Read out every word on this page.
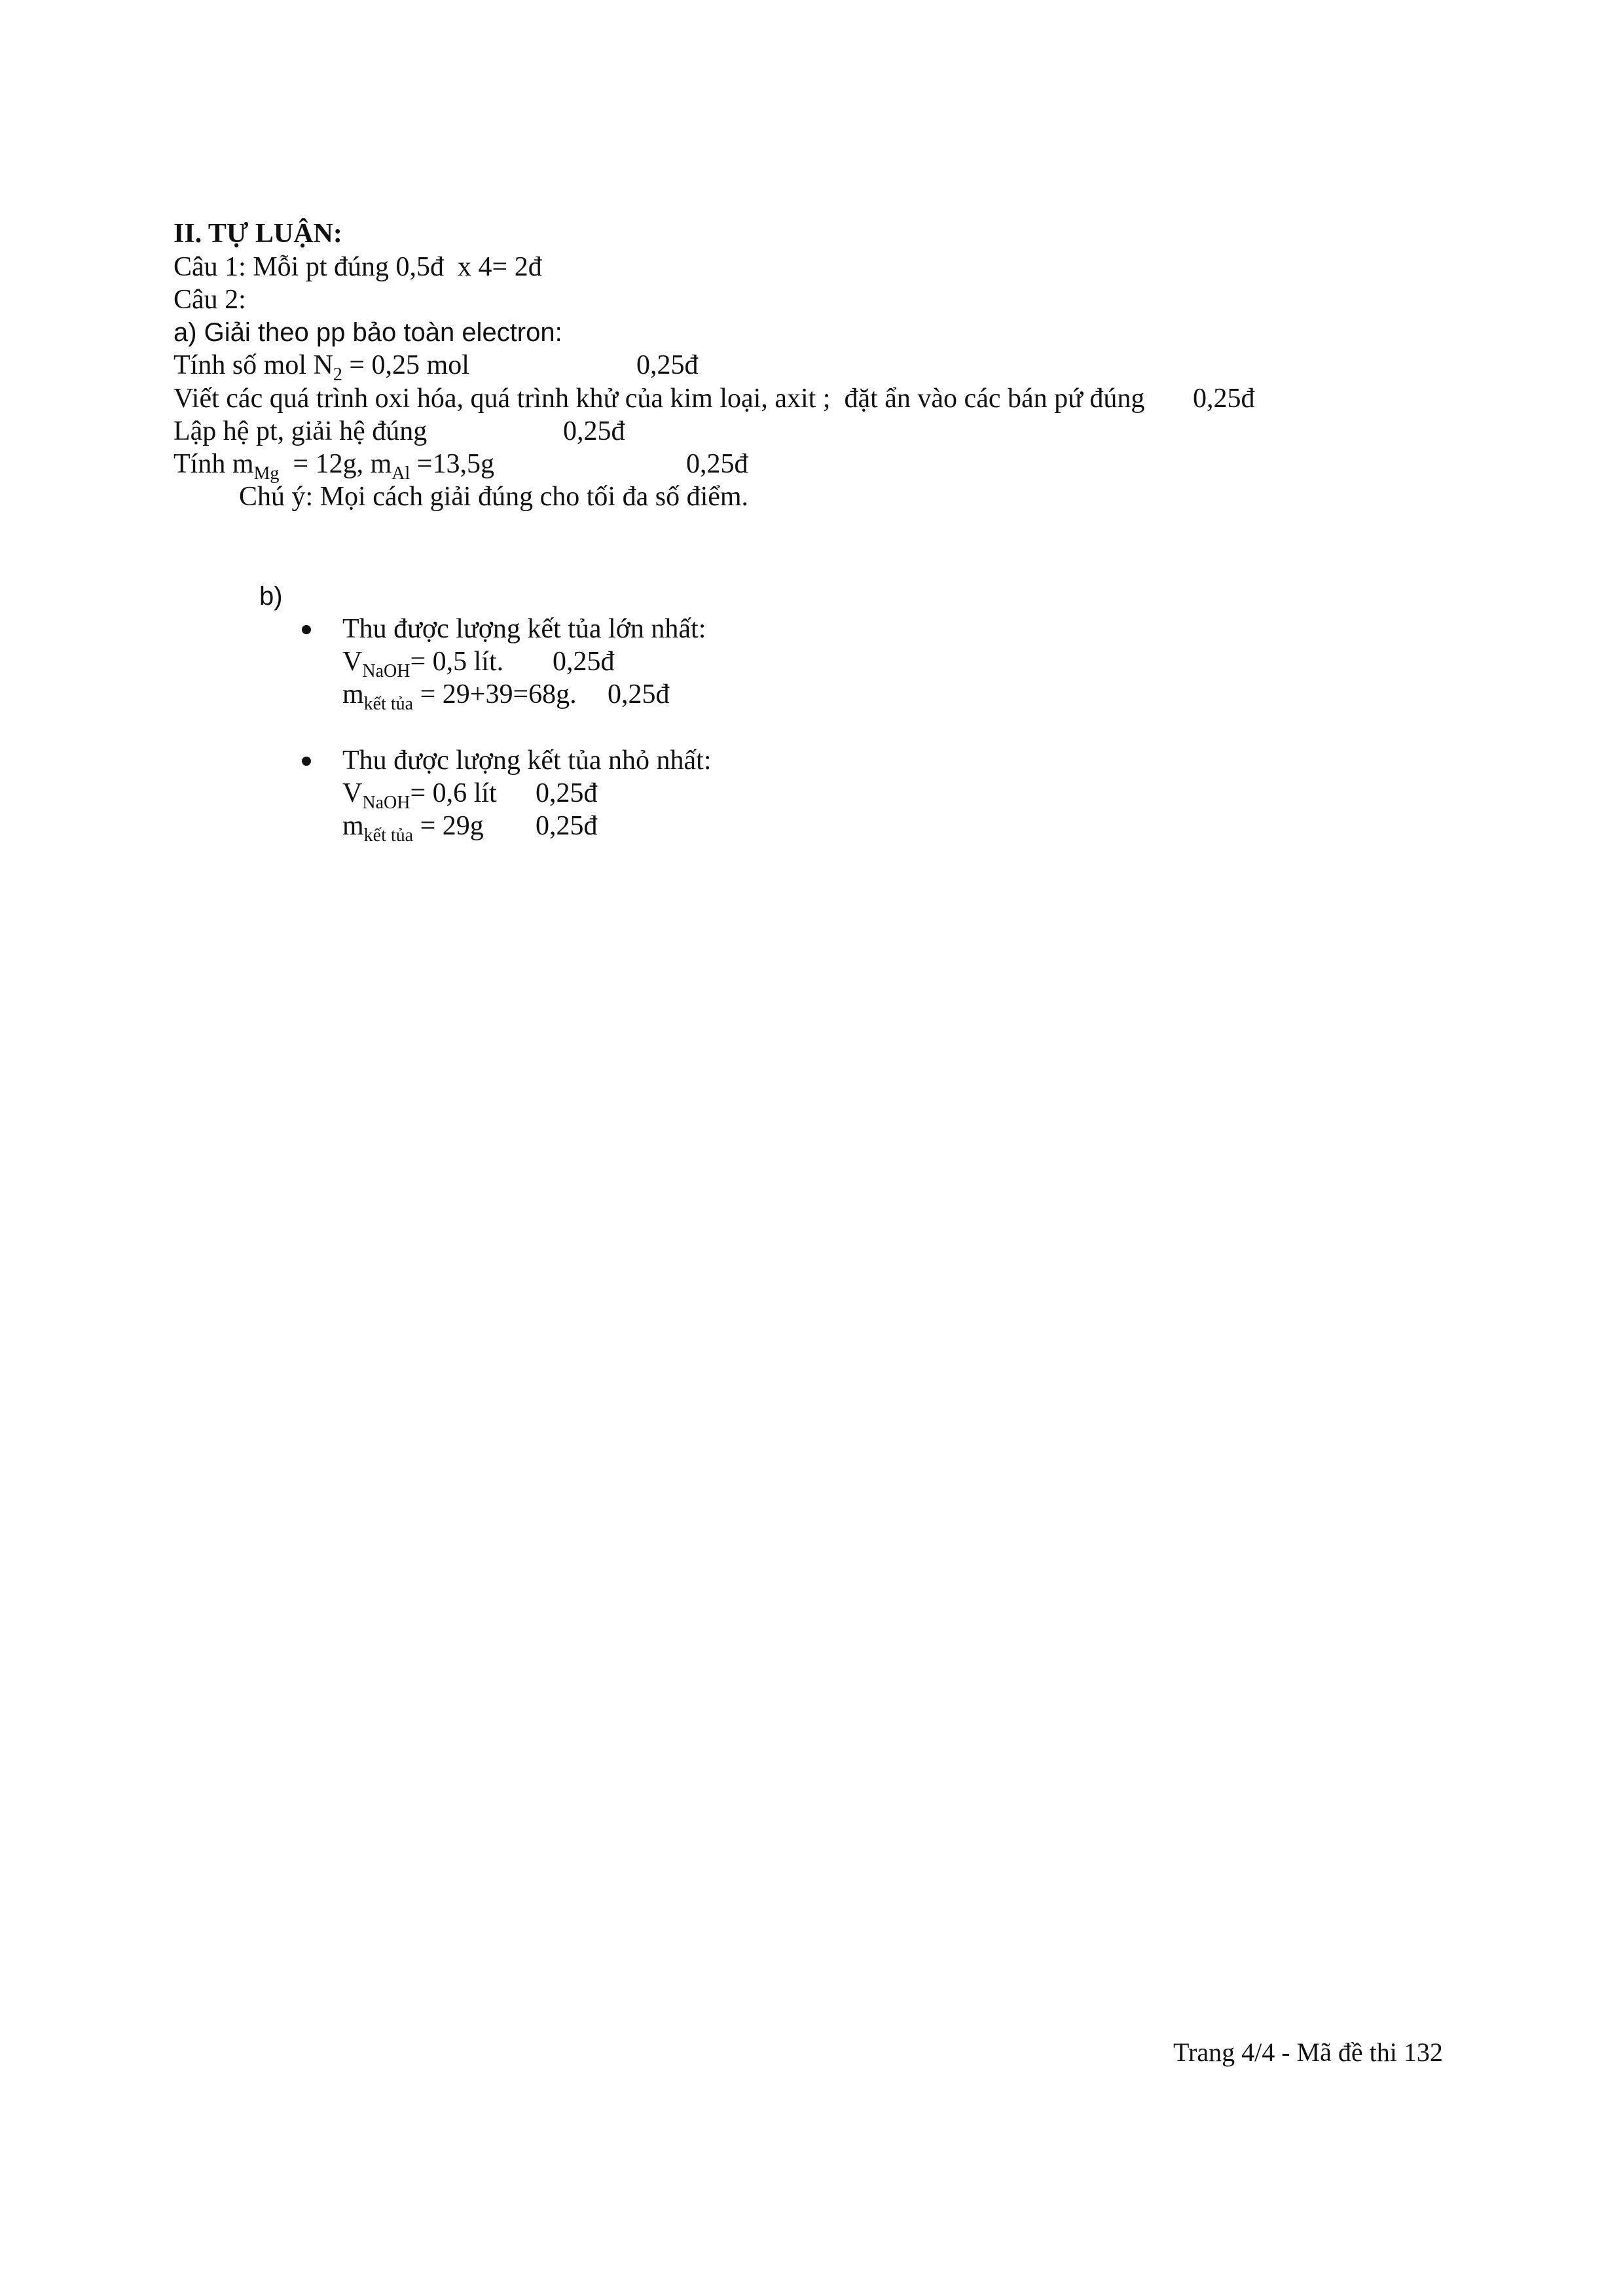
II. TỰ LUẬN:
Câu 1: Mỗi pt đúng 0,5đ  x 4= 2đ
Câu 2:
a) Giải theo pp bảo toàn electron:
Tính số mol $N_2 = 0,25$ mol	0,25đ
Viết các quá trình oxi hóa, quá trình khử của kim loại, axit ;  đặt ẩn vào các bán pứ đúng 0,25đ
Lập hệ pt, giải hệ đúng	0,25đ
Tính $m_{Mg} = 12g$, $m_{Al} =13,5g$	0,25đ
Chú ý: Mọi cách giải đúng cho tối đa số điểm.
b)
Thu được lượng kết tủa lớn nhất:
$V_{NaOH}= 0,5$ lít. 0,25đ
$m_{kết tủa} = 29+39=68g$. 0,25đ
Thu được lượng kết tủa nhỏ nhất:
$V_{NaOH}= 0,6$ lít 0,25đ
$m_{kết tủa} = 29g$ 0,25đ
Trang 4/4 - Mã đề thi 132
